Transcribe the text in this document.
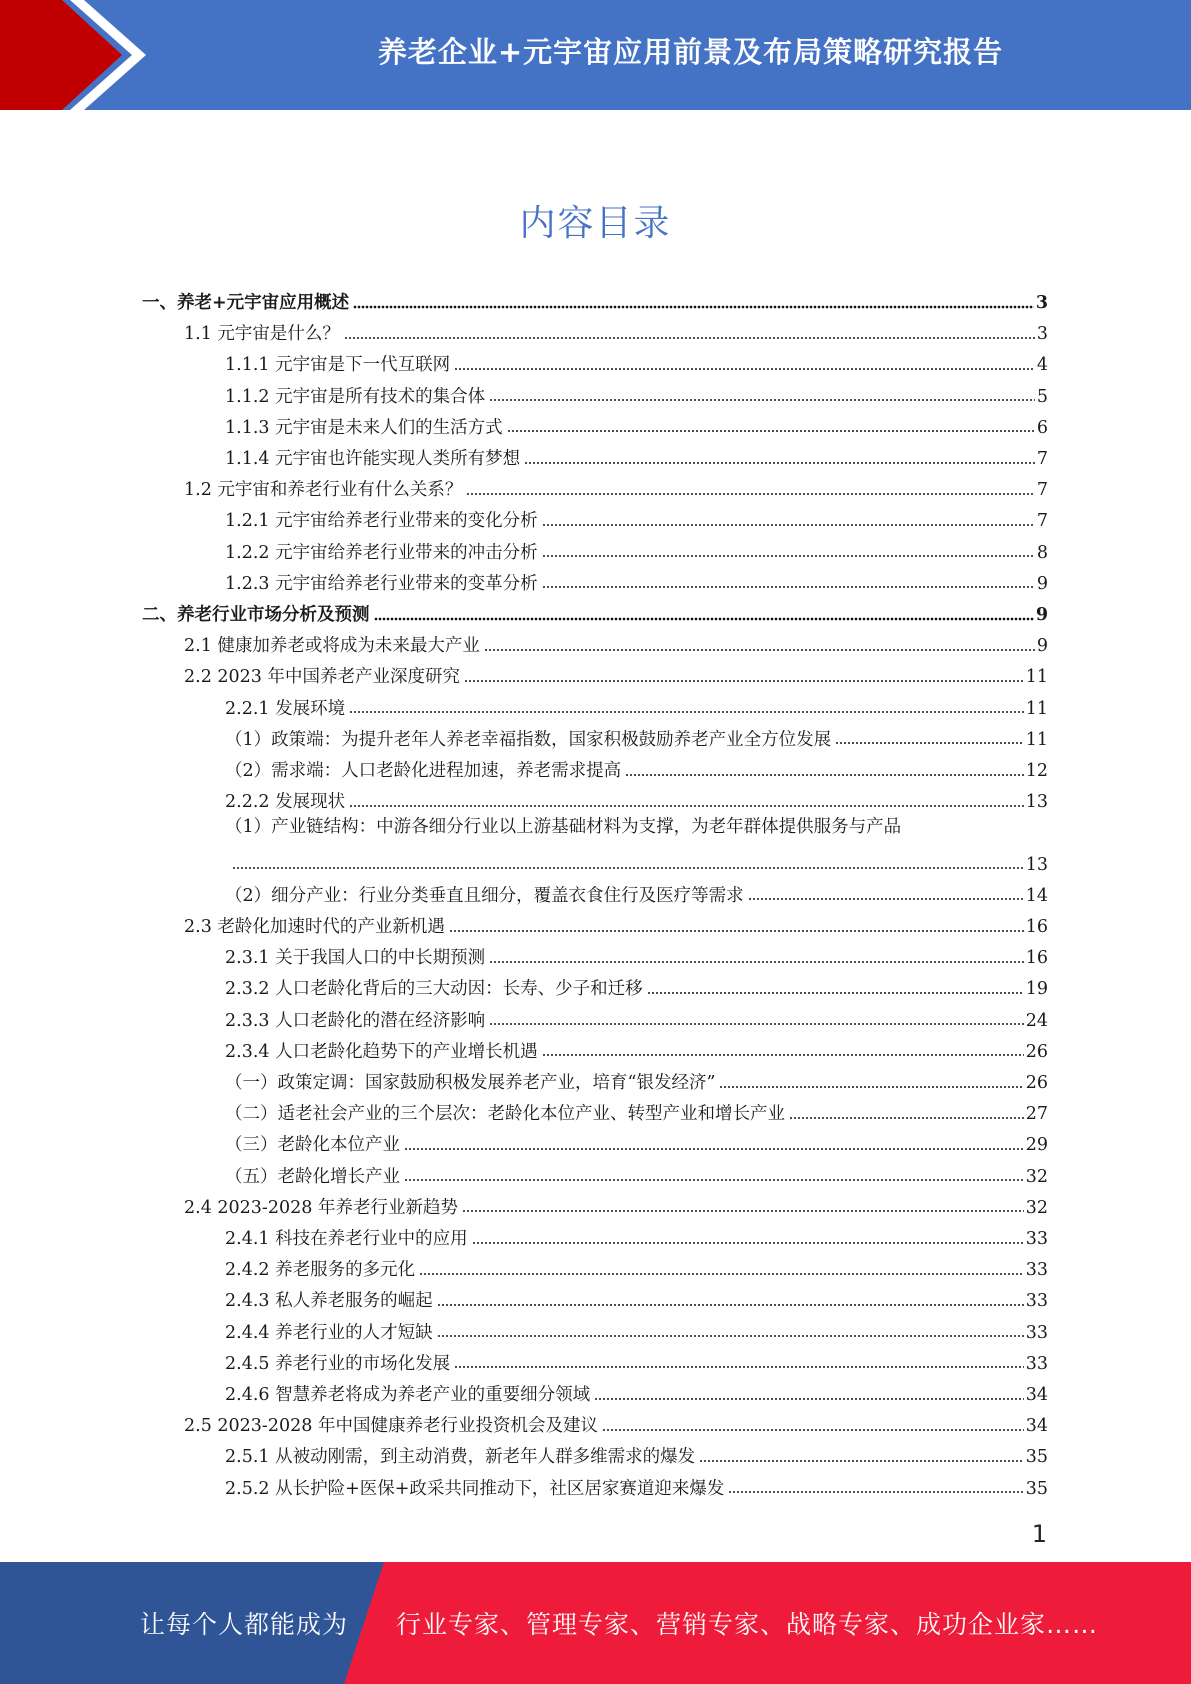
养老企业+元宇宙应用前景及布局策略研究报告
内容目录
一、养老+元宇宙应用概述	3
1.1 元宇宙是什么？	3
1.1.1 元宇宙是下一代互联网	4
1.1.2 元宇宙是所有技术的集合体	5
1.1.3 元宇宙是未来人们的生活方式	6
1.1.4 元宇宙也许能实现人类所有梦想	7
1.2 元宇宙和养老行业有什么关系？	7
1.2.1 元宇宙给养老行业带来的变化分析	7
1.2.2 元宇宙给养老行业带来的冲击分析	8
1.2.3 元宇宙给养老行业带来的变革分析	9
二、养老行业市场分析及预测	9
2.1 健康加养老或将成为未来最大产业	9
2.2 2023 年中国养老产业深度研究	11
2.2.1 发展环境	11
（1）政策端：为提升老年人养老幸福指数，国家积极鼓励养老产业全方位发展	11
（2）需求端：人口老龄化进程加速，养老需求提高	12
2.2.2 发展现状	13
（1）产业链结构：中游各细分行业以上游基础材料为支撑，为老年群体提供服务与产品
13
（2）细分产业：行业分类垂直且细分，覆盖衣食住行及医疗等需求	14
2.3 老龄化加速时代的产业新机遇	16
2.3.1 关于我国人口的中长期预测	16
2.3.2 人口老龄化背后的三大动因：长寿、少子和迁移	19
2.3.3 人口老龄化的潜在经济影响	24
2.3.4 人口老龄化趋势下的产业增长机遇	26
（一）政策定调：国家鼓励积极发展养老产业，培育“银发经济”	26
（二）适老社会产业的三个层次：老龄化本位产业、转型产业和增长产业	27
（三）老龄化本位产业	29
（五）老龄化增长产业	32
2.4 2023-2028 年养老行业新趋势	32
2.4.1 科技在养老行业中的应用	33
2.4.2 养老服务的多元化	33
2.4.3 私人养老服务的崛起	33
2.4.4 养老行业的人才短缺	33
2.4.5 养老行业的市场化发展	33
2.4.6 智慧养老将成为养老产业的重要细分领域	34
2.5 2023-2028 年中国健康养老行业投资机会及建议	34
2.5.1 从被动刚需，到主动消费，新老年人群多维需求的爆发	35
2.5.2 从长护险+医保+政采共同推动下，社区居家赛道迎来爆发	35
1
让每个人都能成为 行业专家、管理专家、营销专家、战略专家、成功企业家……
